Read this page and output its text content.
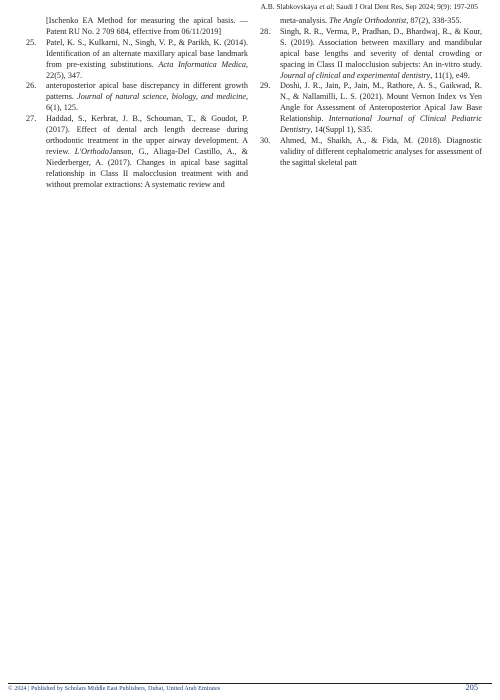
A.B. Slabkovskaya et al; Saudi J Oral Dent Res, Sep 2024; 9(9): 197-205

[Ischenko EA Method for measuring the apical basis. — Patent RU No. 2 709 684, effective from 06/11/2019]

25. Patel, K. S., Kulkarni, N., Singh, V. P., & Parikh, K. (2014). Identification of an alternate maxillary apical base landmark from pre-existing substitutions. Acta Informatica Medica, 22(5), 347.

26. anteroposterior apical base discrepancy in different growth patterns. Journal of natural science, biology, and medicine, 6(1), 125.

27. Haddad, S., Kerbrat, J. B., Schouman, T., & Goudot, P. (2017). Effect of dental arch length decrease during orthodontic treatment in the upper airway development. A review. L'OrthodoJanson, G., Aliaga-Del Castillo, A., & Niederberger, A. (2017). Changes in apical base sagittal relationship in Class II malocclusion treatment with and without premolar extractions: A systematic review and

meta-analysis. The Angle Orthodontist, 87(2), 338-355.

28. Singh, R. R., Verma, P., Pradhan, D., Bhardwaj, R., & Kour, S. (2019). Association between maxillary and mandibular apical base lengths and severity of dental crowding or spacing in Class II malocclusion subjects: An in-vitro study. Journal of clinical and experimental dentistry, 11(1), e49.

29. Doshi, J. R., Jain, P., Jain, M., Rathore, A. S., Gaikwad, R. N., & Nallamilli, L. S. (2021). Mount Vernon Index vs Yen Angle for Assessment of Anteroposterior Apical Jaw Base Relationship. International Journal of Clinical Pediatric Dentistry, 14(Suppl 1), S35.

30. Ahmed, M., Shaikh, A., & Fida, M. (2018). Diagnostic validity of different cephalometric analyses for assessment of the sagittal skeletal patt

© 2024 | Published by Scholars Middle East Publishers, Dubai, United Arab Emirates	205
